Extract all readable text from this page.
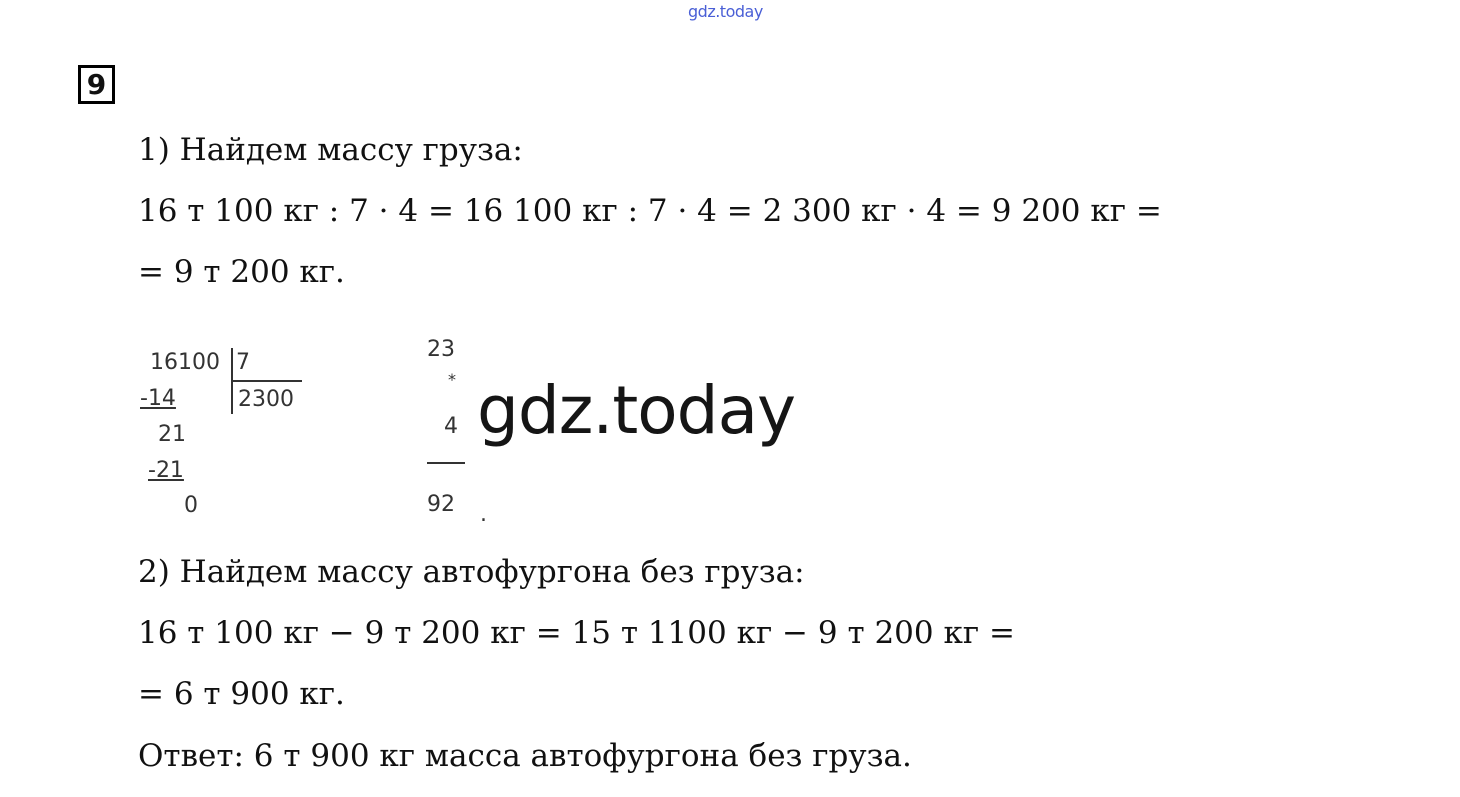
gdz.today
9
1) Найдем массу груза:
16 т 100 кг : 7 · 4 = 16 100 кг : 7 · 4 = 2 300 кг · 4 = 9 200 кг =
= 9 т 200 кг.
16100 7
2300
-14
21
-21
0
23
*
4
92 .
gdz.today
2) Найдем массу автофургона без груза:
16 т 100 кг − 9 т 200 кг = 15 т 1100 кг − 9 т 200 кг =
= 6 т 900 кг.
Ответ: 6 т 900 кг масса автофургона без груза.
